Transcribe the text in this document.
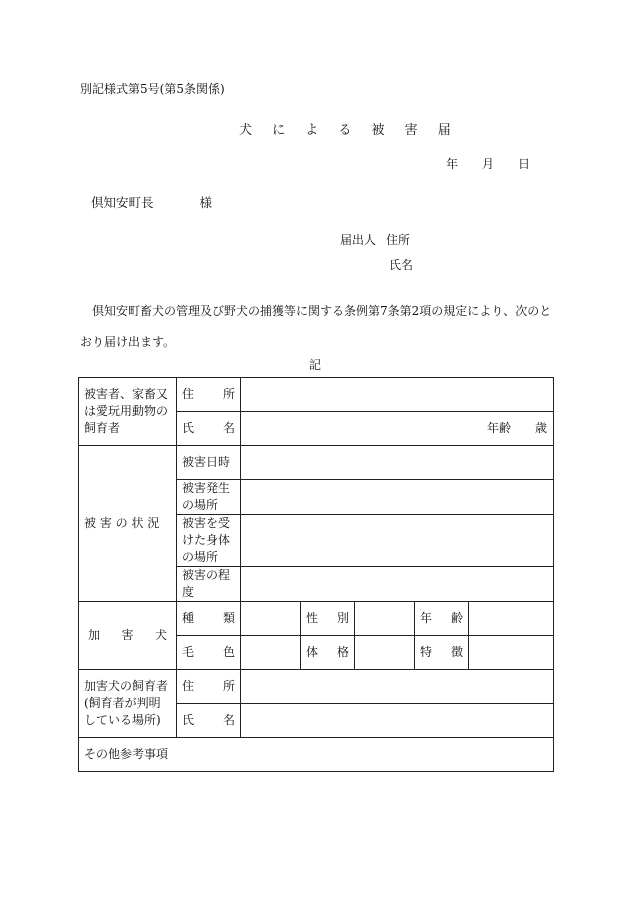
別記様式第5号(第5条関係)
犬 に よ る 被 害 届
年 月 日
倶知安町長	様
届出人 住所
氏名
倶知安町畜犬の管理及び野犬の捕獲等に関する条例第7条第2項の規定により、次のとおり届け出ます。
記
被害者、家畜又は愛玩用動物の飼育者	住 所					

	氏 名	年齢 歳				
被 害 の 状 況	被害日時					
	被害発生の場所					
	被害を受けた身体の場所					
	被害の程度					

加 害 犬	種 類		性 別		年 齢	

	毛 色		体 格		特 徴	

加害犬の飼育者(飼育者が判明している場所)	住 所					

	氏 名					

その他参考事項						
